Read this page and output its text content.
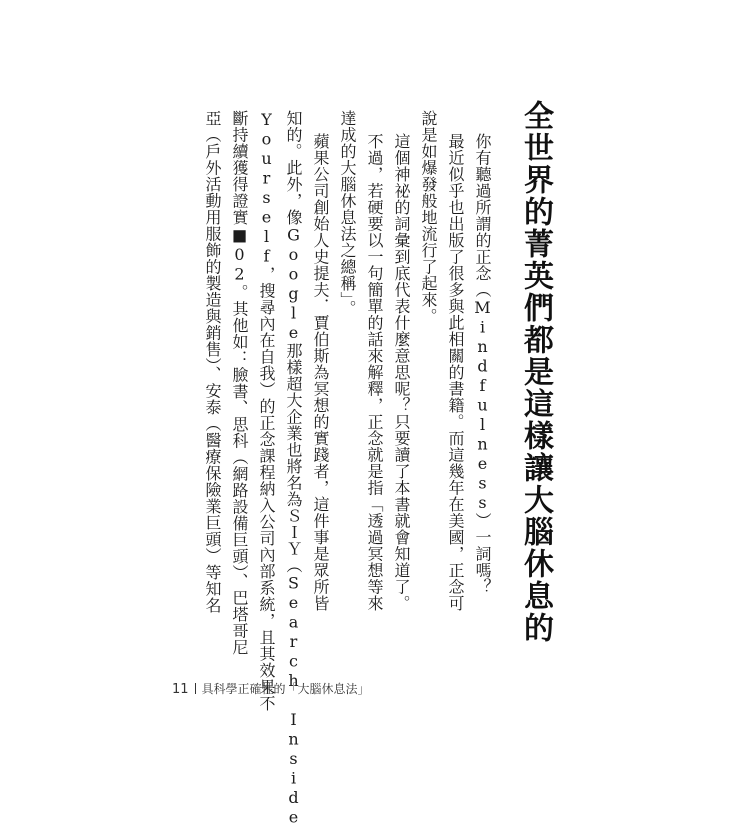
全世界的菁英們都是這樣讓大腦休息的
你有聽過所謂的正念（Mindfulness）一詞嗎？
最近似乎也出版了很多與此相關的書籍。而這幾年在美國，正念可
說是如爆發般地流行了起來。
這個神祕的詞彙到底代表什麼意思呢？只要讀了本書就會知道了。
不過，若硬要以一句簡單的話來解釋，正念就是指「透過冥想等來
達成的大腦休息法之總稱」。
蘋果公司創始人史提夫．賈伯斯為冥想的實踐者，這件事是眾所皆
知的。此外，像Google那樣超大企業也將名為ＳＩＹ（Search Inside
Yourself，搜尋內在自我）的正念課程納入公司內部系統，且其效果不
斷持續獲得證實■02。其他如：臉書、思科（網路設備巨頭）、巴塔哥尼
亞（戶外活動用服飾的製造與銷售）、安泰（醫療保險業巨頭）等知名
11 具科學正確性的「大腦休息法」
